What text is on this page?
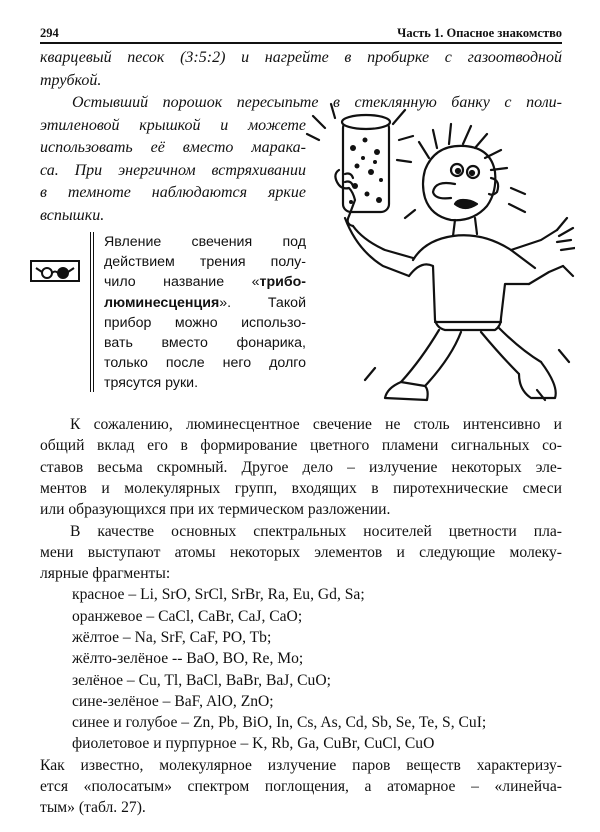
294	Часть 1. Опасное знакомство
кварцевый песок (3:5:2) и нагрейте в пробирке с газоотводной
трубкой.
Остывший порошок пересыпьте в стеклянную банку с поли-
этиленовой крышкой и можете
использовать её вместо марака-
са. При энергичном встряхивании
в темноте наблюдаются яркие
вспышки.
Явление свечения под
действием трения полу-
чило название «трибо-
люминесценция». Такой
прибор можно использо-
вать вместо фонарика,
только после него долго
трясутся руки.
К сожалению, люминесцентное свечение не столь интенсивно и
общий вклад его в формирование цветного пламени сигнальных со-
ставов весьма скромный. Другое дело – излучение некоторых эле-
ментов и молекулярных групп, входящих в пиротехнические смеси
или образующихся при их термическом разложении.
В качестве основных спектральных носителей цветности пла-
мени выступают атомы некоторых элементов и следующие молеку-
лярные фрагменты:
красное – Li, SrO, SrCl, SrBr, Ra, Eu, Gd, Sa;
оранжевое – CaCl, CaBr, CaJ, CaO;
жёлтое – Na, SrF, CaF, PO, Tb;
жёлто-зелёное -- BaO, BO, Re, Mo;
зелёное – Cu, Tl, BaCl, BaBr, BaJ, CuO;
сине-зелёное – BaF, AlO, ZnO;
синее и голубое – Zn, Pb, BiO, In, Cs, As, Cd, Sb, Se, Te, S, CuI;
фиолетовое и пурпурное – K, Rb, Ga, CuBr, CuCl, CuO
Как известно, молекулярное излучение паров веществ характеризу-
ется «полосатым» спектром поглощения, а атомарное – «линейча-
тым» (табл. 27).
